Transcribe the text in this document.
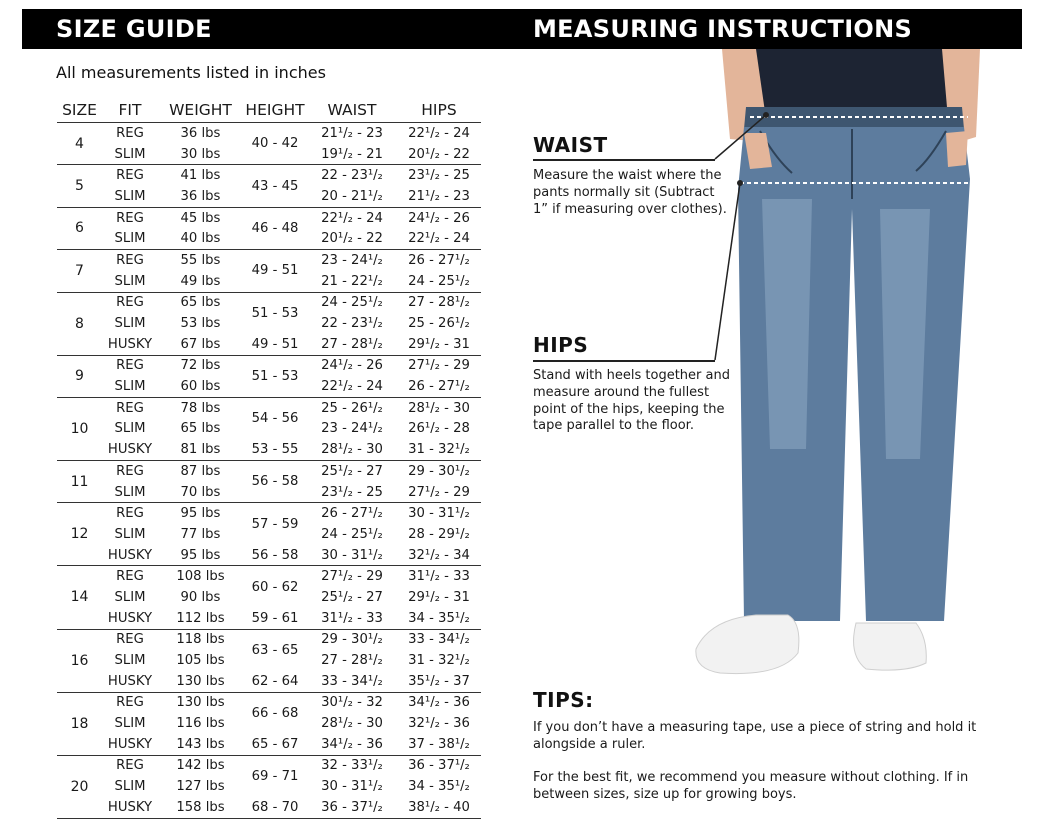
SIZE GUIDE	MEASURING INSTRUCTIONS
All measurements listed in inches
SIZE	FIT	WEIGHT	HEIGHT	WAIST	HIPS
4	REG	36 lbs	40 - 42	21¹/₂ - 23	22¹/₂ - 24
	SLIM	30 lbs		19¹/₂ - 21	20¹/₂ - 22
5	REG	41 lbs	43 - 45	22 - 23¹/₂	23¹/₂ - 25
	SLIM	36 lbs		20 - 21¹/₂	21¹/₂ - 23
6	REG	45 lbs	46 - 48	22¹/₂ - 24	24¹/₂ - 26
	SLIM	40 lbs		20¹/₂ - 22	22¹/₂ - 24
7	REG	55 lbs	49 - 51	23 - 24¹/₂	26 - 27¹/₂
	SLIM	49 lbs		21 - 22¹/₂	24 - 25¹/₂
8	REG	65 lbs	51 - 53	24 - 25¹/₂	27 - 28¹/₂
	SLIM	53 lbs		22 - 23¹/₂	25 - 26¹/₂
	HUSKY	67 lbs	49 - 51	27 - 28¹/₂	29¹/₂ - 31
9	REG	72 lbs	51 - 53	24¹/₂ - 26	27¹/₂ - 29
	SLIM	60 lbs		22¹/₂ - 24	26 - 27¹/₂
10	REG	78 lbs	54 - 56	25 - 26¹/₂	28¹/₂ - 30
	SLIM	65 lbs		23 - 24¹/₂	26¹/₂ - 28
	HUSKY	81 lbs	53 - 55	28¹/₂ - 30	31 - 32¹/₂
11	REG	87 lbs	56 - 58	25¹/₂ - 27	29 - 30¹/₂
	SLIM	70 lbs		23¹/₂ - 25	27¹/₂ - 29
12	REG	95 lbs	57 - 59	26 - 27¹/₂	30 - 31¹/₂
	SLIM	77 lbs		24 - 25¹/₂	28 - 29¹/₂
	HUSKY	95 lbs	56 - 58	30 - 31¹/₂	32¹/₂ - 34
14	REG	108 lbs	60 - 62	27¹/₂ - 29	31¹/₂ - 33
	SLIM	90 lbs		25¹/₂ - 27	29¹/₂ - 31
	HUSKY	112 lbs	59 - 61	31¹/₂ - 33	34 - 35¹/₂
16	REG	118 lbs	63 - 65	29 - 30¹/₂	33 - 34¹/₂
	SLIM	105 lbs		27 - 28¹/₂	31 - 32¹/₂
	HUSKY	130 lbs	62 - 64	33 - 34¹/₂	35¹/₂ - 37
18	REG	130 lbs	66 - 68	30¹/₂ - 32	34¹/₂ - 36
	SLIM	116 lbs		28¹/₂ - 30	32¹/₂ - 36
	HUSKY	143 lbs	65 - 67	34¹/₂ - 36	37 - 38¹/₂
20	REG	142 lbs	69 - 71	32 - 33¹/₂	36 - 37¹/₂
	SLIM	127 lbs		30 - 31¹/₂	34 - 35¹/₂
	HUSKY	158 lbs	68 - 70	36 - 37¹/₂	38¹/₂ - 40
WAIST
Measure the waist where the pants normally sit (Subtract 1” if measuring over clothes).
HIPS
Stand with heels together and measure around the fullest point of the hips, keeping the tape parallel to the floor.
TIPS:
If you don’t have a measuring tape, use a piece of string and hold it alongside a ruler.
For the best fit, we recommend you measure without clothing. If in between sizes, size up for growing boys.
